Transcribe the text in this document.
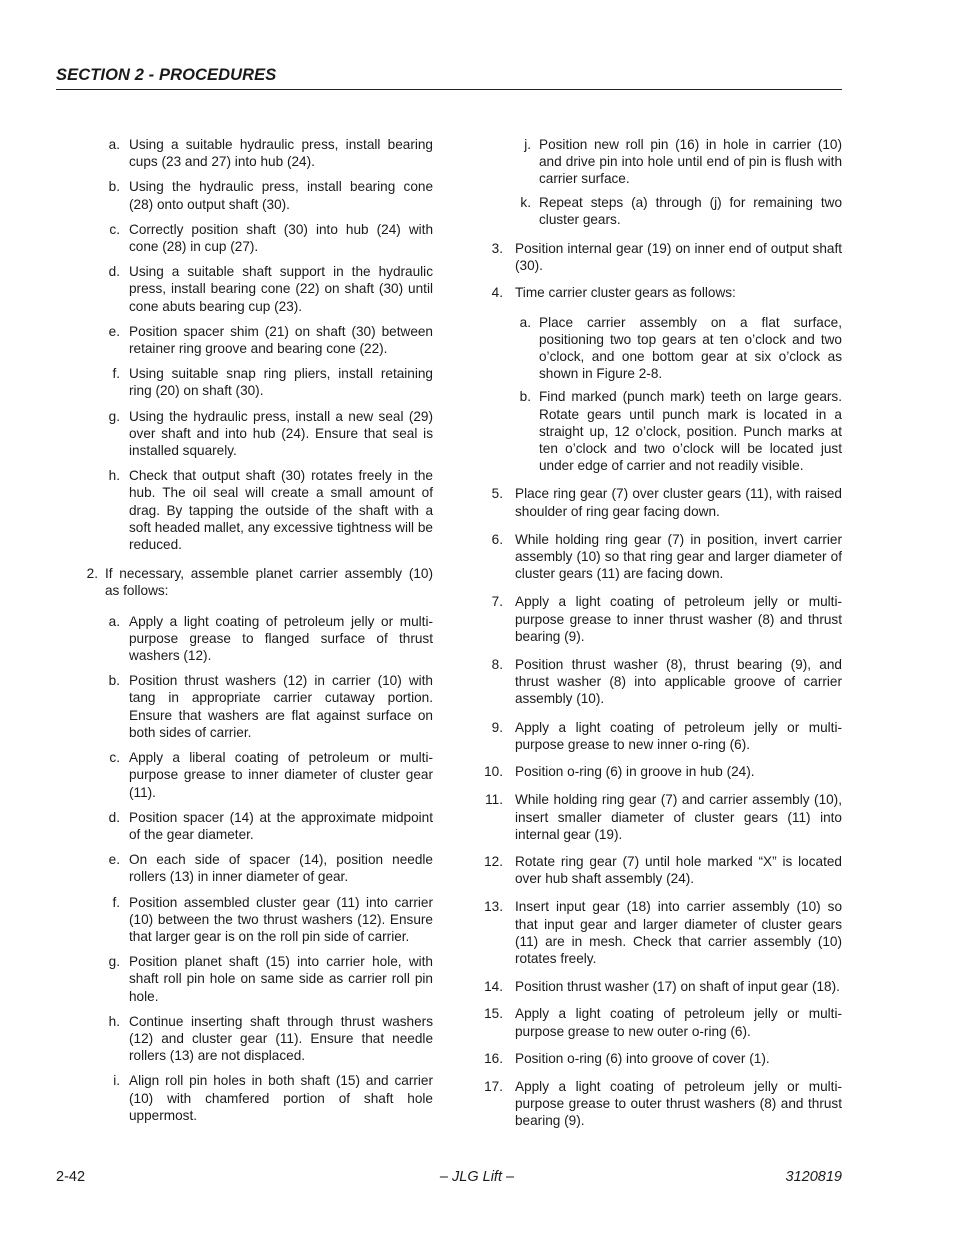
SECTION 2 - PROCEDURES
a. Using a suitable hydraulic press, install bearing cups (23 and 27) into hub (24).
b. Using the hydraulic press, install bearing cone (28) onto output shaft (30).
c. Correctly position shaft (30) into hub (24) with cone (28) in cup (27).
d. Using a suitable shaft support in the hydraulic press, install bearing cone (22) on shaft (30) until cone abuts bearing cup (23).
e. Position spacer shim (21) on shaft (30) between retainer ring groove and bearing cone (22).
f. Using suitable snap ring pliers, install retaining ring (20) on shaft (30).
g. Using the hydraulic press, install a new seal (29) over shaft and into hub (24). Ensure that seal is installed squarely.
h. Check that output shaft (30) rotates freely in the hub. The oil seal will create a small amount of drag. By tapping the outside of the shaft with a soft headed mallet, any excessive tightness will be reduced.
2. If necessary, assemble planet carrier assembly (10) as follows:
a. Apply a light coating of petroleum jelly or multi-purpose grease to flanged surface of thrust washers (12).
b. Position thrust washers (12) in carrier (10) with tang in appropriate carrier cutaway portion. Ensure that washers are flat against surface on both sides of carrier.
c. Apply a liberal coating of petroleum or multi-purpose grease to inner diameter of cluster gear (11).
d. Position spacer (14) at the approximate midpoint of the gear diameter.
e. On each side of spacer (14), position needle rollers (13) in inner diameter of gear.
f. Position assembled cluster gear (11) into carrier (10) between the two thrust washers (12). Ensure that larger gear is on the roll pin side of carrier.
g. Position planet shaft (15) into carrier hole, with shaft roll pin hole on same side as carrier roll pin hole.
h. Continue inserting shaft through thrust washers (12) and cluster gear (11). Ensure that needle rollers (13) are not displaced.
i. Align roll pin holes in both shaft (15) and carrier (10) with chamfered portion of shaft hole uppermost.
j. Position new roll pin (16) in hole in carrier (10) and drive pin into hole until end of pin is flush with carrier surface.
k. Repeat steps (a) through (j) for remaining two cluster gears.
3. Position internal gear (19) on inner end of output shaft (30).
4. Time carrier cluster gears as follows:
a. Place carrier assembly on a flat surface, positioning two top gears at ten o’clock and two o’clock, and one bottom gear at six o’clock as shown in Figure 2-8.
b. Find marked (punch mark) teeth on large gears. Rotate gears until punch mark is located in a straight up, 12 o’clock, position. Punch marks at ten o’clock and two o’clock will be located just under edge of carrier and not readily visible.
5. Place ring gear (7) over cluster gears (11), with raised shoulder of ring gear facing down.
6. While holding ring gear (7) in position, invert carrier assembly (10) so that ring gear and larger diameter of cluster gears (11) are facing down.
7. Apply a light coating of petroleum jelly or multi-purpose grease to inner thrust washer (8) and thrust bearing (9).
8. Position thrust washer (8), thrust bearing (9), and thrust washer (8) into applicable groove of carrier assembly (10).
9. Apply a light coating of petroleum jelly or multi-purpose grease to new inner o-ring (6).
10. Position o-ring (6) in groove in hub (24).
11. While holding ring gear (7) and carrier assembly (10), insert smaller diameter of cluster gears (11) into internal gear (19).
12. Rotate ring gear (7) until hole marked “X” is located over hub shaft assembly (24).
13. Insert input gear (18) into carrier assembly (10) so that input gear and larger diameter of cluster gears (11) are in mesh. Check that carrier assembly (10) rotates freely.
14. Position thrust washer (17) on shaft of input gear (18).
15. Apply a light coating of petroleum jelly or multi-purpose grease to new outer o-ring (6).
16. Position o-ring (6) into groove of cover (1).
17. Apply a light coating of petroleum jelly or multi-purpose grease to outer thrust washers (8) and thrust bearing (9).
2-42	– JLG Lift –	3120819
